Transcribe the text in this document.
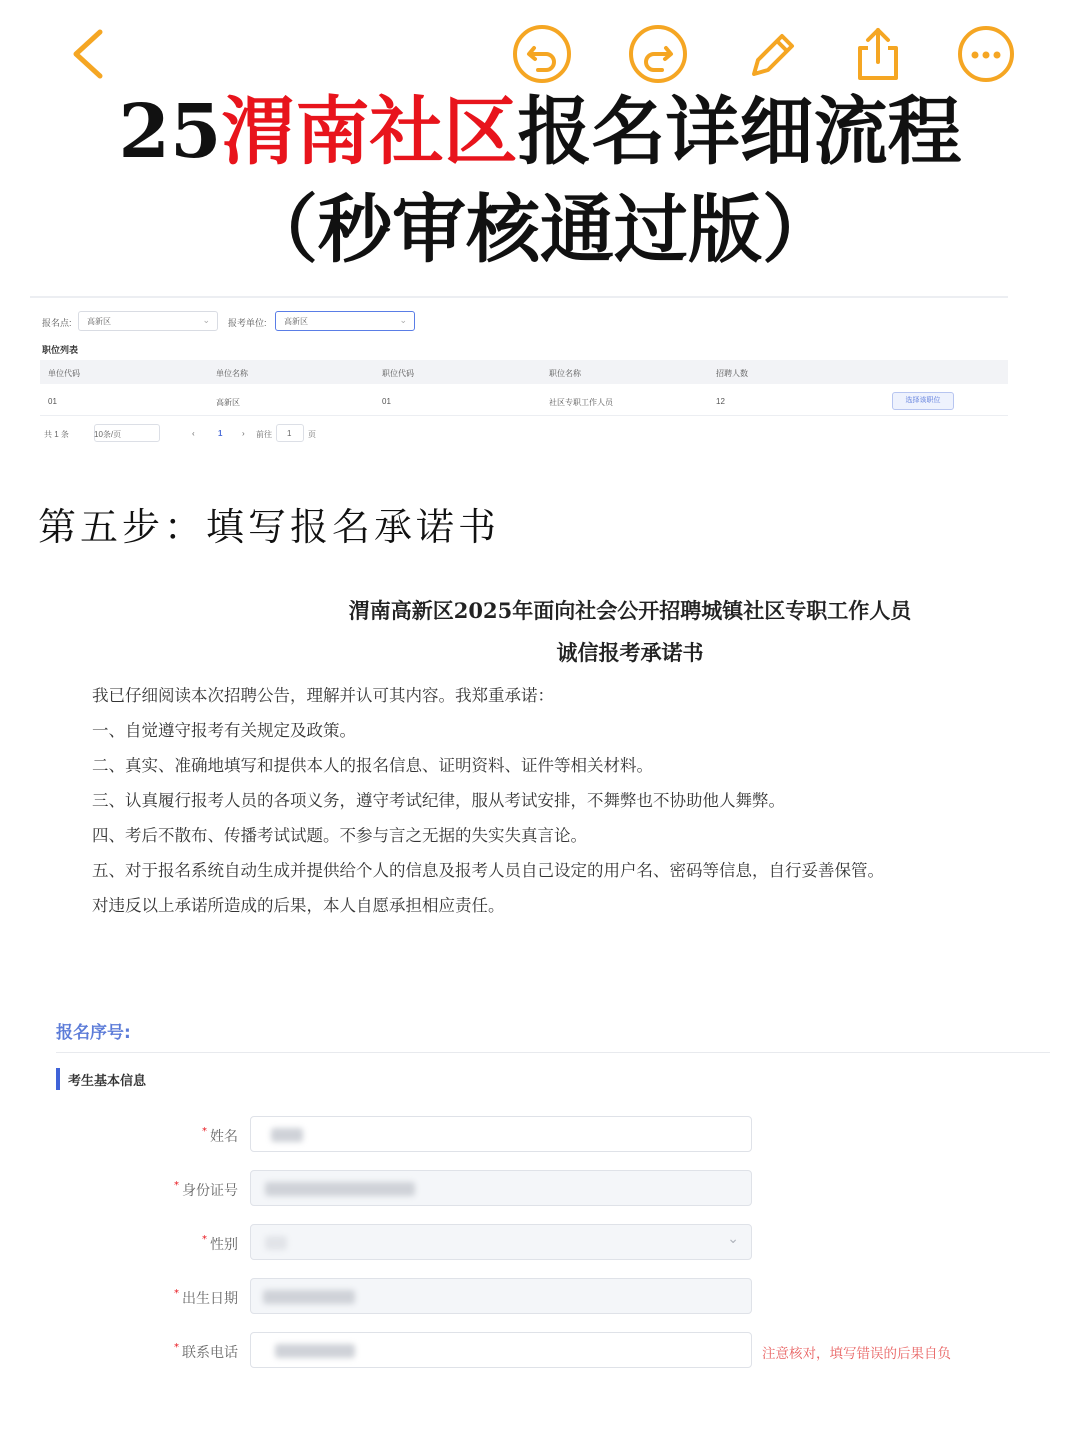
25渭南社区报名详细流程
（秒审核通过版）
报名点:	高新区	⌄ 报考单位:	高新区	⌄
职位列表
单位代码	单位名称	职位代码	职位名称	招聘人数
01	高新区	01	社区专职工作人员	12	选择该职位
共 1 条	10条/页	‹	1 › 前往 1 页
第五步：填写报名承诺书
渭南高新区2025年面向社会公开招聘城镇社区专职工作人员
诚信报考承诺书
我已仔细阅读本次招聘公告，理解并认可其内容。我郑重承诺：
一、自觉遵守报考有关规定及政策。
二、真实、准确地填写和提供本人的报名信息、证明资料、证件等相关材料。
三、认真履行报考人员的各项义务，遵守考试纪律，服从考试安排，不舞弊也不协助他人舞弊。
四、考后不散布、传播考试试题。不参与言之无据的失实失真言论。
五、对于报名系统自动生成并提供给个人的信息及报考人员自己设定的用户名、密码等信息，自行妥善保管。
对违反以上承诺所造成的后果，本人自愿承担相应责任。
报名序号:
考生基本信息
* 姓名
* 身份证号
* 性别	⌄
* 出生日期
* 联系电话	注意核对，填写错误的后果自负
